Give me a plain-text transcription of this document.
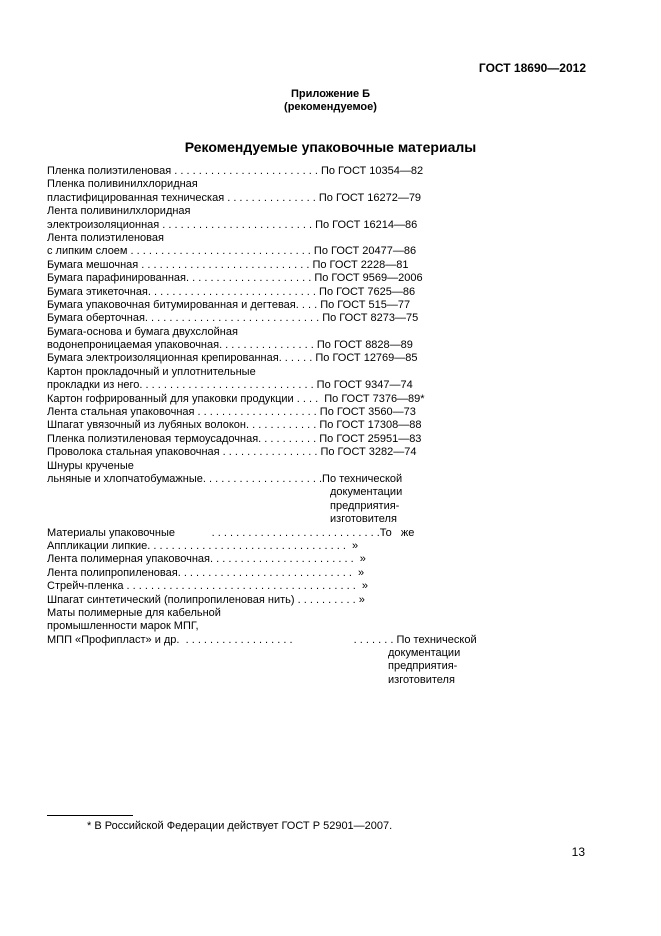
ГОСТ 18690—2012
Приложение Б
(рекомендуемое)
Рекомендуемые упаковочные материалы
Пленка полиэтиленовая . . . . . . . . . . . . . . . . . . . . . . . . По ГОСТ 10354—82
Пленка поливинилхлоридная
пластифицированная техническая . . . . . . . . . . . . . . . По ГОСТ 16272—79
Лента поливинилхлоридная
электроизоляционная . . . . . . . . . . . . . . . . . . . . . . . . . По ГОСТ 16214—86
Лента полиэтиленовая
с липким слоем . . . . . . . . . . . . . . . . . . . . . . . . . . . . . . По ГОСТ 20477—86
Бумага мешочная . . . . . . . . . . . . . . . . . . . . . . . . . . . . По ГОСТ 2228—81
Бумага парафинированная. . . . . . . . . . . . . . . . . . . . . По ГОСТ 9569—2006
Бумага этикеточная. . . . . . . . . . . . . . . . . . . . . . . . . . . . По ГОСТ 7625—86
Бумага упаковочная битумированная и дегтевая. . . . По ГОСТ 515—77
Бумага оберточная. . . . . . . . . . . . . . . . . . . . . . . . . . . . . По ГОСТ 8273—75
Бумага-основа и бумага двухслойная
водонепроницаемая упаковочная. . . . . . . . . . . . . . . . По ГОСТ 8828—89
Бумага электроизоляционная крепированная. . . . . . По ГОСТ 12769—85
Картон прокладочный и уплотнительные
прокладки из него. . . . . . . . . . . . . . . . . . . . . . . . . . . . . По ГОСТ 9347—74
Картон гофрированный для упаковки продукции . . . .  По ГОСТ 7376—89*
Лента стальная упаковочная . . . . . . . . . . . . . . . . . . . . По ГОСТ 3560—73
Шпагат увязочный из лубяных волокон. . . . . . . . . . . . По ГОСТ 17308—88
Пленка полиэтиленовая термоусадочная. . . . . . . . . . По ГОСТ 25951—83
Проволока стальная упаковочная . . . . . . . . . . . . . . . . По ГОСТ 3282—74
Шнуры крученые
льняные и хлопчатобумажные. . . . . . . . . . . . . . . . . . . .По технической
документации
предприятия-
изготовителя
Материалы упаковочные            . . . . . . . . . . . . . . . . . . . . . . . . . . . .То   же
Аппликации липкие. . . . . . . . . . . . . . . . . . . . . . . . . . . . . . . . .  »
Лента полимерная упаковочная. . . . . . . . . . . . . . . . . . . . . . . .  »
Лента полипропиленовая. . . . . . . . . . . . . . . . . . . . . . . . . . . . .  »
Стрейч-пленка . . . . . . . . . . . . . . . . . . . . . . . . . . . . . . . . . . . . . .  »
Шпагат синтетический (полипропиленовая нить) . . . . . . . . . . »
Маты полимерные для кабельной
промышленности марок МПГ,
МПП «Профипласт» и др.  . . . . . . . . . . . . . . . . . .                    . . . . . . . По технической
документации
предприятия-
изготовителя
* В Российской Федерации действует ГОСТ Р 52901—2007.
13
